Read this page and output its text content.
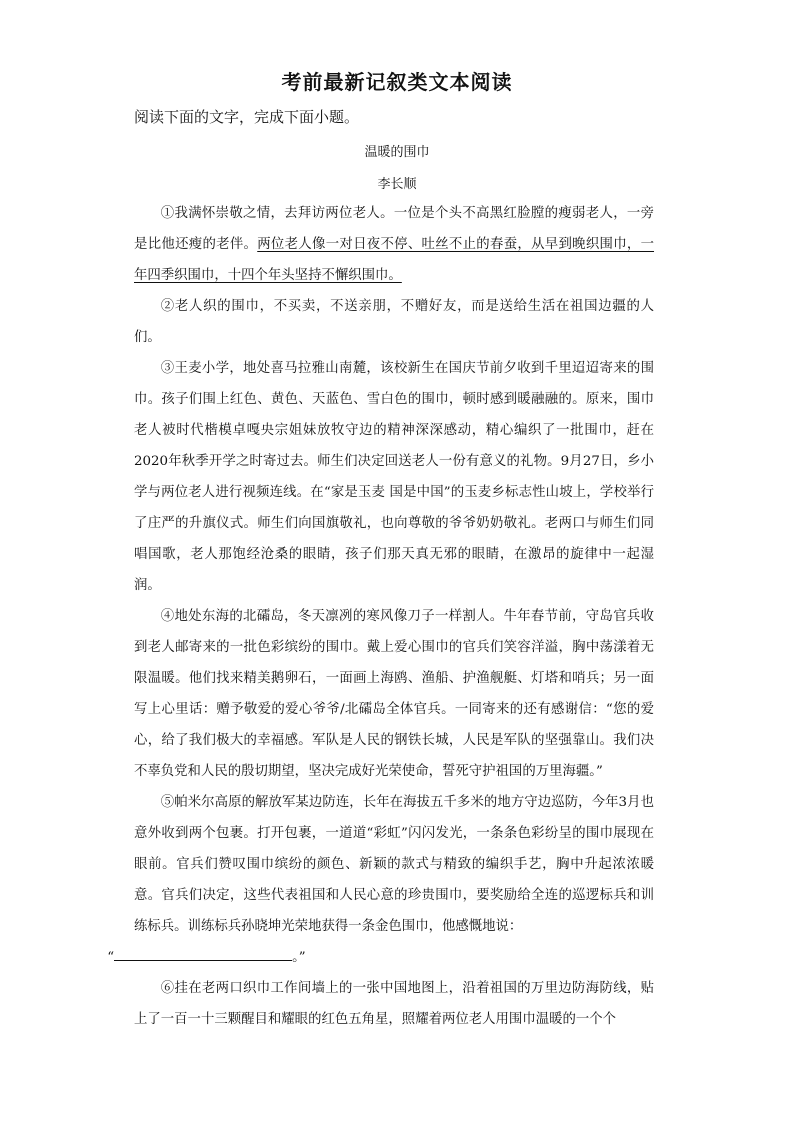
考前最新记叙类文本阅读
阅读下面的文字，完成下面小题。
温暖的围巾
李长顺

①我满怀崇敬之情，去拜访两位老人。一位是个头不高黑红脸膛的瘦弱老人，一旁是比他还瘦的老伴。两位老人像一对日夜不停、吐丝不止的春蚕，从早到晚织围巾，一年四季织围巾，十四个年头坚持不懈织围巾。

②老人织的围巾，不买卖，不送亲朋，不赠好友，而是送给生活在祖国边疆的人们。

③王麦小学，地处喜马拉雅山南麓，该校新生在国庆节前夕收到千里迢迢寄来的围巾。孩子们围上红色、黄色、天蓝色、雪白色的围巾，顿时感到暖融融的。原来，围巾老人被时代楷模卓嘎央宗姐妹放牧守边的精神深深感动，精心编织了一批围巾，赶在2020年秋季开学之时寄过去。师生们决定回送老人一份有意义的礼物。9月27日，乡小学与两位老人进行视频连线。在“家是玉麦 国是中国”的玉麦乡标志性山坡上，学校举行了庄严的升旗仪式。师生们向国旗敬礼，也向尊敬的爷爷奶奶敬礼。老两口与师生们同唱国歌，老人那饱经沧桑的眼睛，孩子们那天真无邪的眼睛，在激昂的旋律中一起湿润。

④地处东海的北礵岛，冬天凛冽的寒风像刀子一样割人。牛年春节前，守岛官兵收到老人邮寄来的一批色彩缤纷的围巾。戴上爱心围巾的官兵们笑容洋溢，胸中荡漾着无限温暖。他们找来精美鹅卵石，一面画上海鸥、渔船、护渔舰艇、灯塔和哨兵；另一面写上心里话：赠予敬爱的爱心爷爷/北礵岛全体官兵。一同寄来的还有感谢信：“您的爱心，给了我们极大的幸福感。军队是人民的钢铁长城，人民是军队的坚强靠山。我们决不辜负党和人民的殷切期望，坚决完成好光荣使命，誓死守护祖国的万里海疆。”

⑤帕米尔高原的解放军某边防连，长年在海拔五千多米的地方守边巡防，今年3月也意外收到两个包裹。打开包裹，一道道“彩虹”闪闪发光，一条条色彩纷呈的围巾展现在眼前。官兵们赞叹围巾缤纷的颜色、新颖的款式与精致的编织手艺，胸中升起浓浓暖意。官兵们决定，这些代表祖国和人民心意的珍贵围巾，要奖励给全连的巡逻标兵和训练标兵。训练标兵孙晓坤光荣地获得一条金色围巾，他感慨地说：
“	。”

⑥挂在老两口织巾工作间墙上的一张中国地图上，沿着祖国的万里边防海防线，贴上了一百一十三颗醒目和耀眼的红色五角星，照耀着两位老人用围巾温暖的一个个
